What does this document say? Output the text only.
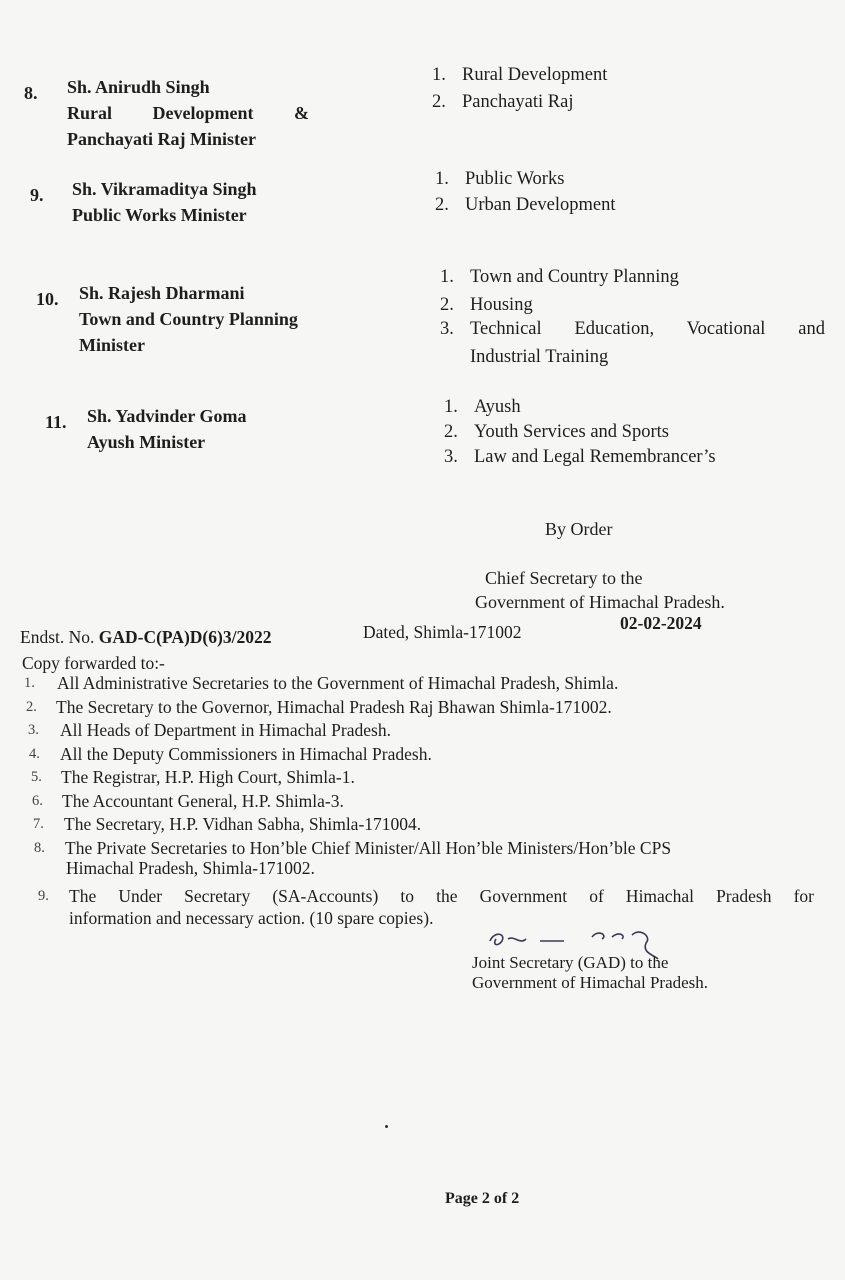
8. Sh. Anirudh Singh
Rural Development &
Panchayati Raj Minister
1. Rural Development
2. Panchayati Raj
9. Sh. Vikramaditya Singh
Public Works Minister
1. Public Works
2. Urban Development
10. Sh. Rajesh Dharmani
Town and Country Planning
Minister
1. Town and Country Planning
2. Housing
3. Technical Education, Vocational and
Industrial Training
11. Sh. Yadvinder Goma
Ayush Minister
1. Ayush
2. Youth Services and Sports
3. Law and Legal Remembrancer’s
By Order
Chief Secretary to the
Government of Himachal Pradesh.
Endst. No. GAD-C(PA)D(6)3/2022	Dated, Shimla-171002	02-02-2024
Copy forwarded to:-
1. All Administrative Secretaries to the Government of Himachal Pradesh, Shimla.
2. The Secretary to the Governor, Himachal Pradesh Raj Bhawan Shimla-171002.
3. All Heads of Department in Himachal Pradesh.
4. All the Deputy Commissioners in Himachal Pradesh.
5. The Registrar, H.P. High Court, Shimla-1.
6. The Accountant General, H.P. Shimla-3.
7. The Secretary, H.P. Vidhan Sabha, Shimla-171004.
8. The Private Secretaries to Hon’ble Chief Minister/All Hon’ble Ministers/Hon’ble CPS
Himachal Pradesh, Shimla-171002.
9. The Under Secretary (SA-Accounts) to the Government of Himachal Pradesh for
information and necessary action. (10 spare copies).
Joint Secretary (GAD) to the
Government of Himachal Pradesh.
Page 2 of 2
